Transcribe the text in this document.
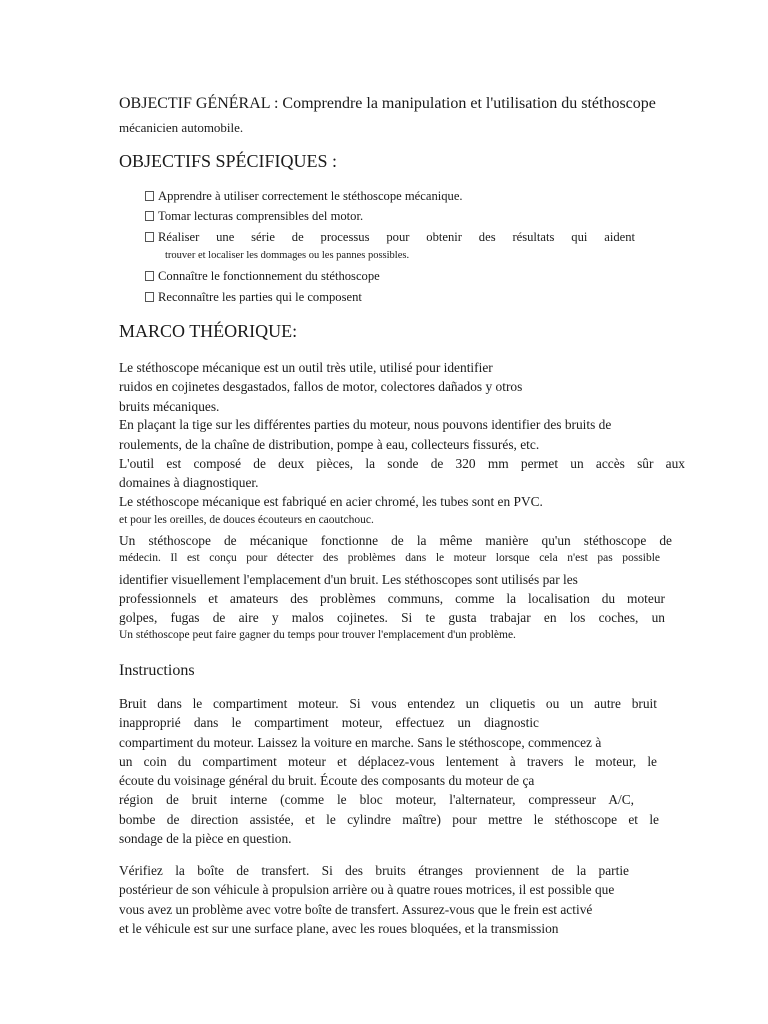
OBJECTIF GÉNÉRAL : Comprendre la manipulation et l'utilisation du stéthoscope
mécanicien automobile.
OBJECTIFS SPÉCIFIQUES :
Apprendre à utiliser correctement le stéthoscope mécanique.
Tomar lecturas comprensibles del motor.
Réaliser une série de processus pour obtenir des résultats qui aident
trouver et localiser les dommages ou les pannes possibles.
Connaître le fonctionnement du stéthoscope
Reconnaître les parties qui le composent
MARCO THÉORIQUE:
Le stéthoscope mécanique est un outil très utile, utilisé pour identifier
ruidos en cojinetes desgastados, fallos de motor, colectores dañados y otros
bruits mécaniques.
En plaçant la tige sur les différentes parties du moteur, nous pouvons identifier des bruits de
roulements, de la chaîne de distribution, pompe à eau, collecteurs fissurés, etc.
L'outil est composé de deux pièces, la sonde de 320 mm permet un accès sûr aux
domaines à diagnostiquer.
Le stéthoscope mécanique est fabriqué en acier chromé, les tubes sont en PVC.
et pour les oreilles, de douces écouteurs en caoutchouc.
Un stéthoscope de mécanique fonctionne de la même manière qu'un stéthoscope de
médecin. Il est conçu pour détecter des problèmes dans le moteur lorsque cela n'est pas possible
identifier visuellement l'emplacement d'un bruit. Les stéthoscopes sont utilisés par les
professionnels et amateurs des problèmes communs, comme la localisation du moteur
golpes, fugas de aire y malos cojinetes. Si te gusta trabajar en los coches, un
Un stéthoscope peut faire gagner du temps pour trouver l'emplacement d'un problème.
Instructions
Bruit dans le compartiment moteur. Si vous entendez un cliquetis ou un autre bruit
inapproprié dans le compartiment moteur, effectuez un diagnostic
compartiment du moteur. Laissez la voiture en marche. Sans le stéthoscope, commencez à
un coin du compartiment moteur et déplacez-vous lentement à travers le moteur, le
écoute du voisinage général du bruit. Écoute des composants du moteur de ça
région de bruit interne (comme le bloc moteur, l'alternateur, compresseur A/C,
bombe de direction assistée, et le cylindre maître) pour mettre le stéthoscope et le
sondage de la pièce en question.
Vérifiez la boîte de transfert. Si des bruits étranges proviennent de la partie
postérieur de son véhicule à propulsion arrière ou à quatre roues motrices, il est possible que
vous avez un problème avec votre boîte de transfert. Assurez-vous que le frein est activé
et le véhicule est sur une surface plane, avec les roues bloquées, et la transmission
